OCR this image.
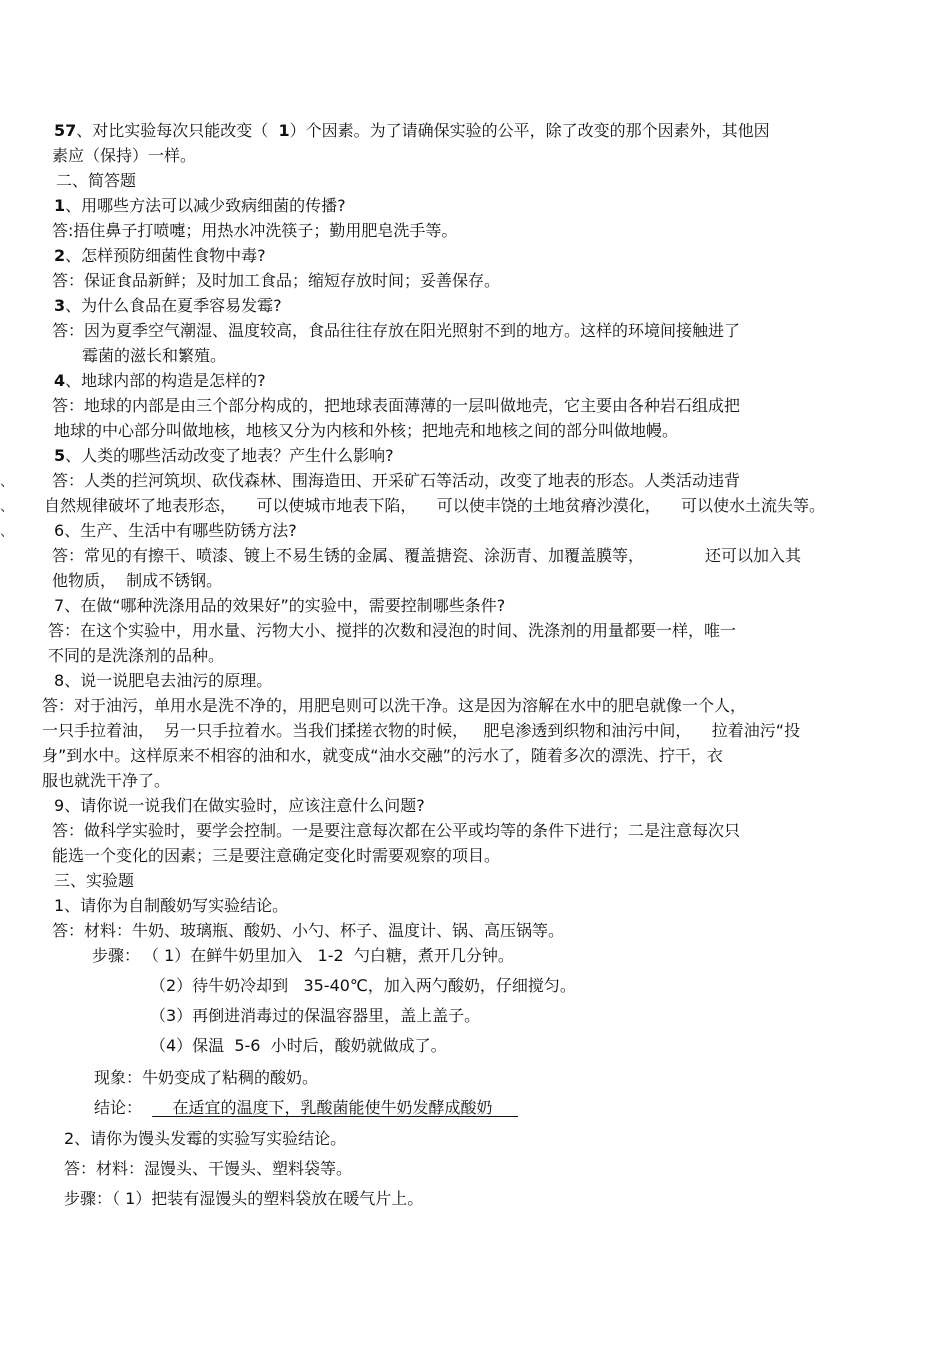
57、对比实验每次只能改变（  1）个因素。为了请确保实验的公平，除了改变的那个因素外，其他因
素应（保持）一样。
二、简答题
1、用哪些方法可以减少致病细菌的传播?
答:捂住鼻子打喷嚏；用热水冲洗筷子；勤用肥皂洗手等。
2、怎样预防细菌性食物中毒?
答：保证食品新鲜；及时加工食品；缩短存放时间；妥善保存。
3、为什么食品在夏季容易发霉?
答：因为夏季空气潮湿、温度较高，食品往往存放在阳光照射不到的地方。这样的环境间接触进了
霉菌的滋长和繁殖。
4、地球内部的构造是怎样的?
答：地球的内部是由三个部分构成的，把地球表面薄薄的一层叫做地壳，它主要由各种岩石组成把
地球的中心部分叫做地核，地核又分为内核和外核；把地壳和地核之间的部分叫做地幔。
5、人类的哪些活动改变了地表？产生什么影响?
答：人类的拦河筑坝、砍伐森林、围海造田、开采矿石等活动，改变了地表的形态。人类活动违背
自然规律破坏了地表形态，    可以使城市地表下陷，    可以使丰饶的土地贫瘠沙漠化，    可以使水土流失等。
、
、
、	6、生产、生活中有哪些防锈方法?
答：常见的有擦干、喷漆、镀上不易生锈的金属、覆盖搪瓷、涂沥青、加覆盖膜等，            还可以加入其
他物质，  制成不锈钢。
7、在做“哪种洗涤用品的效果好”的实验中，需要控制哪些条件?
答：在这个实验中，用水量、污物大小、搅拌的次数和浸泡的时间、洗涤剂的用量都要一样，唯一
不同的是洗涤剂的品种。
8、说一说肥皂去油污的原理。
答：对于油污，单用水是洗不净的，用肥皂则可以洗干净。这是因为溶解在水中的肥皂就像一个人，
一只手拉着油，  另一只手拉着水。当我们揉搓衣物的时候，   肥皂渗透到织物和油污中间，    拉着油污“投
身”到水中。这样原来不相容的油和水，就变成“油水交融”的污水了，随着多次的漂洗、拧干，衣
服也就洗干净了。
9、请你说一说我们在做实验时，应该注意什么问题?
答：做科学实验时，要学会控制。一是要注意每次都在公平或均等的条件下进行；二是注意每次只
能选一个变化的因素；三是要注意确定变化时需要观察的项目。
三、实验题
1、请你为自制酸奶写实验结论。
答：材料：牛奶、玻璃瓶、酸奶、小勺、杯子、温度计、锅、高压锅等。
步骤： （ 1）在鲜牛奶里加入   1-2  勺白糖，煮开几分钟。
（2）待牛奶冷却到   35-40℃，加入两勺酸奶，仔细搅匀。
（3）再倒进消毒过的保温容器里，盖上盖子。
（4）保温  5-6  小时后，酸奶就做成了。
现象：牛奶变成了粘稠的酸奶。
结论：      在适宜的温度下，乳酸菌能使牛奶发酵成酸奶
2、请你为馒头发霉的实验写实验结论。
答：材料：湿馒头、干馒头、塑料袋等。
步骤：（ 1）把装有湿馒头的塑料袋放在暖气片上。
